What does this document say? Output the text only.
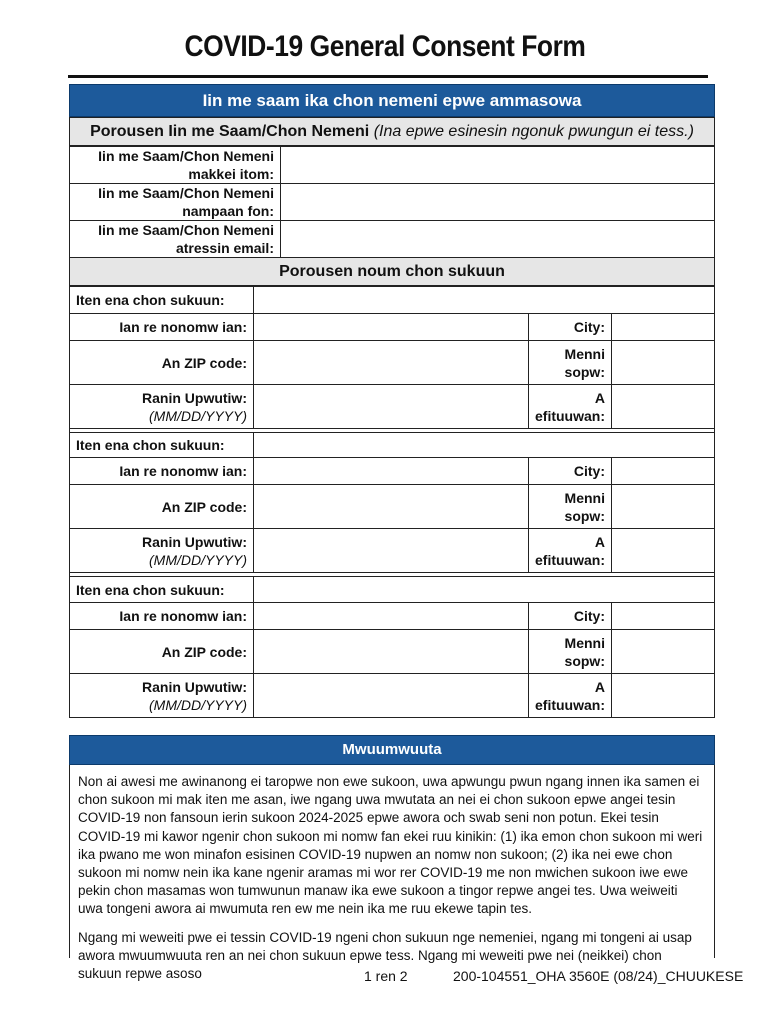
COVID-19 General Consent Form
Iin me saam ika chon nemeni epwe ammasowa
Porousen Iin me Saam/Chon Nemeni (Ina epwe esinesin ngonuk pwungun ei tess.)
Iin me Saam/Chon Nemeni
makkei itom:	
Iin me Saam/Chon Nemeni
nampaan fon:	
Iin me Saam/Chon Nemeni
atressin email:	
Porousen noum chon sukuun
Iten ena chon sukuun:			
Ian re nonomw ian:		City:	
An ZIP code:		Menni
sopw:	
Ranin Upwutiw:
(MM/DD/YYYY)		A
efituuwan:	
Iten ena chon sukuun:			
Ian re nonomw ian:		City:	
An ZIP code:		Menni
sopw:	
Ranin Upwutiw:
(MM/DD/YYYY)		A
efituuwan:	
Iten ena chon sukuun:			
Ian re nonomw ian:		City:	
An ZIP code:		Menni
sopw:	
Ranin Upwutiw:
(MM/DD/YYYY)		A
efituuwan:	
Mwuumwuuta

Non ai awesi me awinanong ei taropwe non ewe sukoon, uwa apwungu pwun ngang innen ika samen ei chon sukoon mi mak iten me asan, iwe ngang uwa mwutata an nei ei chon sukoon epwe angei tesin COVID-19 non fansoun ierin sukoon 2024-2025 epwe awora och swab seni non potun. Ekei tesin COVID-19 mi kawor ngenir chon sukoon mi nomw fan ekei ruu kinikin: (1) ika emon chon sukoon mi weri ika pwano me won minafon esisinen COVID-19 nupwen an nomw non sukoon; (2) ika nei ewe chon sukoon mi nomw nein ika kane ngenir aramas mi wor rer COVID-19 me non mwichen sukoon iwe ewe pekin chon masamas won tumwunun manaw ika ewe sukoon a tingor repwe angei tes. Uwa weiweiti uwa tongeni awora ai mwumuta ren ew me nein ika me ruu ekewe tapin tes.

Ngang mi weweiti pwe ei tessin COVID-19 ngeni chon sukuun nge nemeniei, ngang mi tongeni ai usap awora mwuumwuuta ren an nei chon sukuun epwe tess. Ngang mi weweiti pwe nei (neikkei) chon sukuun repwe asoso	1 ren 2	200-104551_OHA 3560E (08/24)_CHUUKESE
